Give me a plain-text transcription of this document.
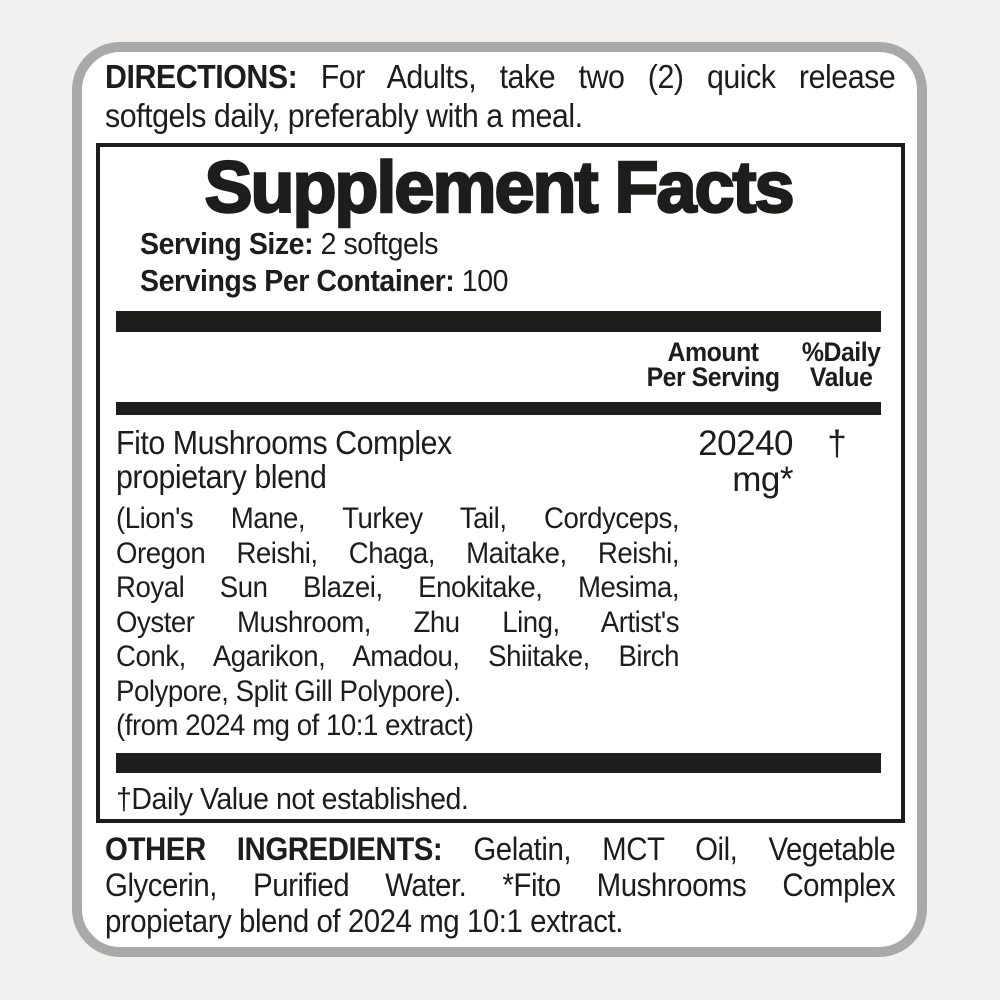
DIRECTIONS: For Adults, take two (2) quick release
softgels daily, preferably with a meal.
Supplement Facts
Serving Size: 2 softgels
Servings Per Container: 100
Amount
Per Serving
%Daily
Value
Fito Mushrooms Complex
propietary blend
20240 mg*
†
(Lion's Mane, Turkey Tail, Cordyceps,
Oregon Reishi, Chaga, Maitake, Reishi,
Royal Sun Blazei, Enokitake, Mesima,
Oyster Mushroom, Zhu Ling, Artist's
Conk, Agarikon, Amadou, Shiitake, Birch
Polypore, Split Gill Polypore).
(from 2024 mg of 10:1 extract)
†Daily Value not established.
OTHER INGREDIENTS: Gelatin, MCT Oil, Vegetable
Glycerin, Purified Water. *Fito Mushrooms Complex
propietary blend of 2024 mg 10:1 extract.
